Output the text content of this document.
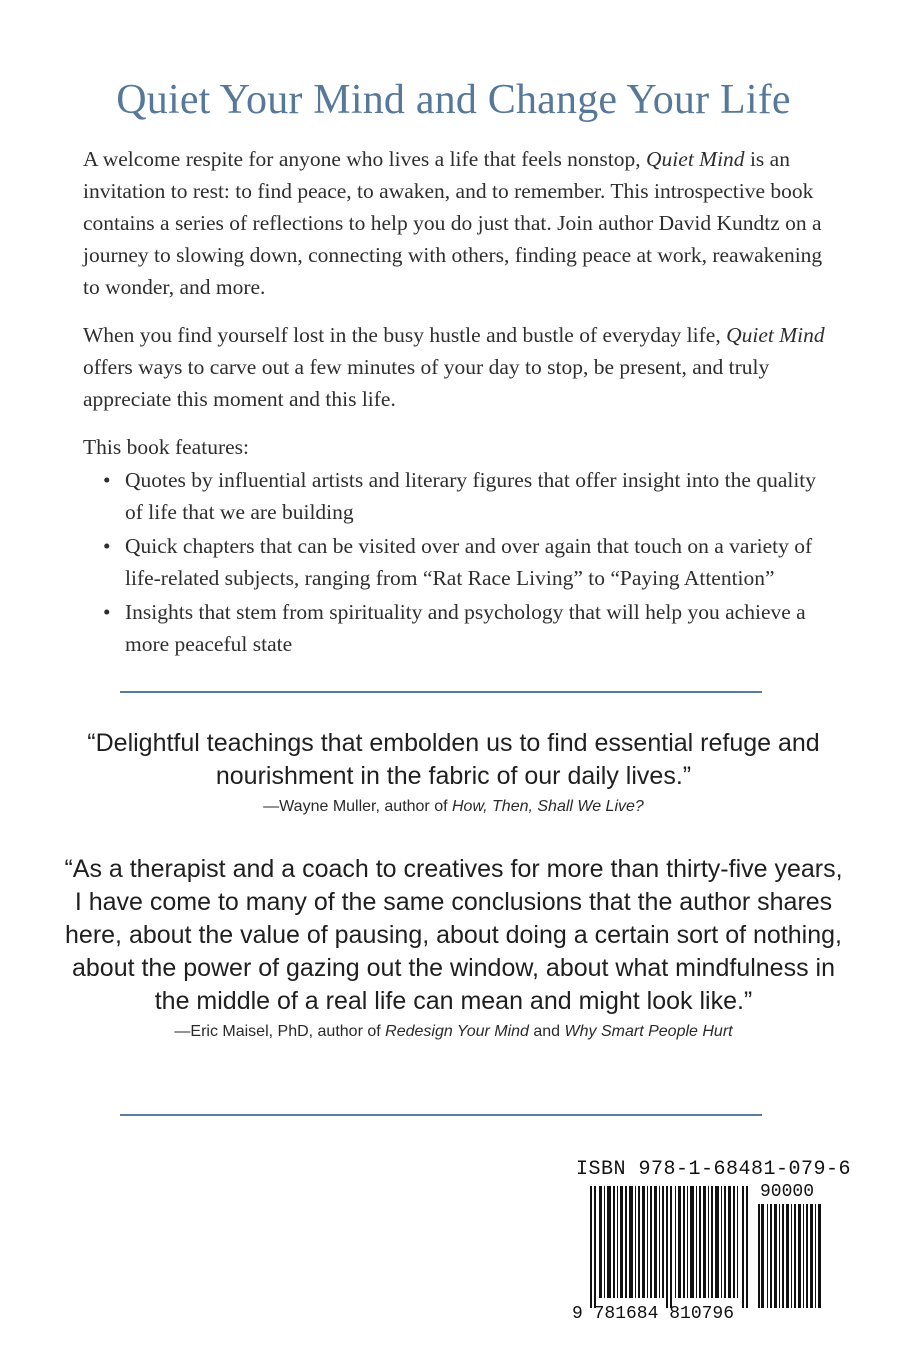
Quiet Your Mind and Change Your Life

A welcome respite for anyone who lives a life that feels nonstop, Quiet Mind is an invitation to rest: to find peace, to awaken, and to remember. This introspective book contains a series of reflections to help you do just that. Join author David Kundtz on a journey to slowing down, connecting with others, finding peace at work, reawakening to wonder, and more.

When you find yourself lost in the busy hustle and bustle of everyday life, Quiet Mind offers ways to carve out a few minutes of your day to stop, be present, and truly appreciate this moment and this life.

This book features:
• Quotes by influential artists and literary figures that offer insight into the quality of life that we are building
• Quick chapters that can be visited over and over again that touch on a variety of life-related subjects, ranging from “Rat Race Living” to “Paying Attention”
• Insights that stem from spirituality and psychology that will help you achieve a more peaceful state

“Delightful teachings that embolden us to find essential refuge and nourishment in the fabric of our daily lives.”

—Wayne Muller, author of How, Then, Shall We Live?

“As a therapist and a coach to creatives for more than thirty-five years, I have come to many of the same conclusions that the author shares here, about the value of pausing, about doing a certain sort of nothing, about the power of gazing out the window, about what mindfulness in the middle of a real life can mean and might look like.”

—Eric Maisel, PhD, author of Redesign Your Mind and Why Smart People Hurt

ISBN 978-1-68481-079-6
90000
9 781684 810796
